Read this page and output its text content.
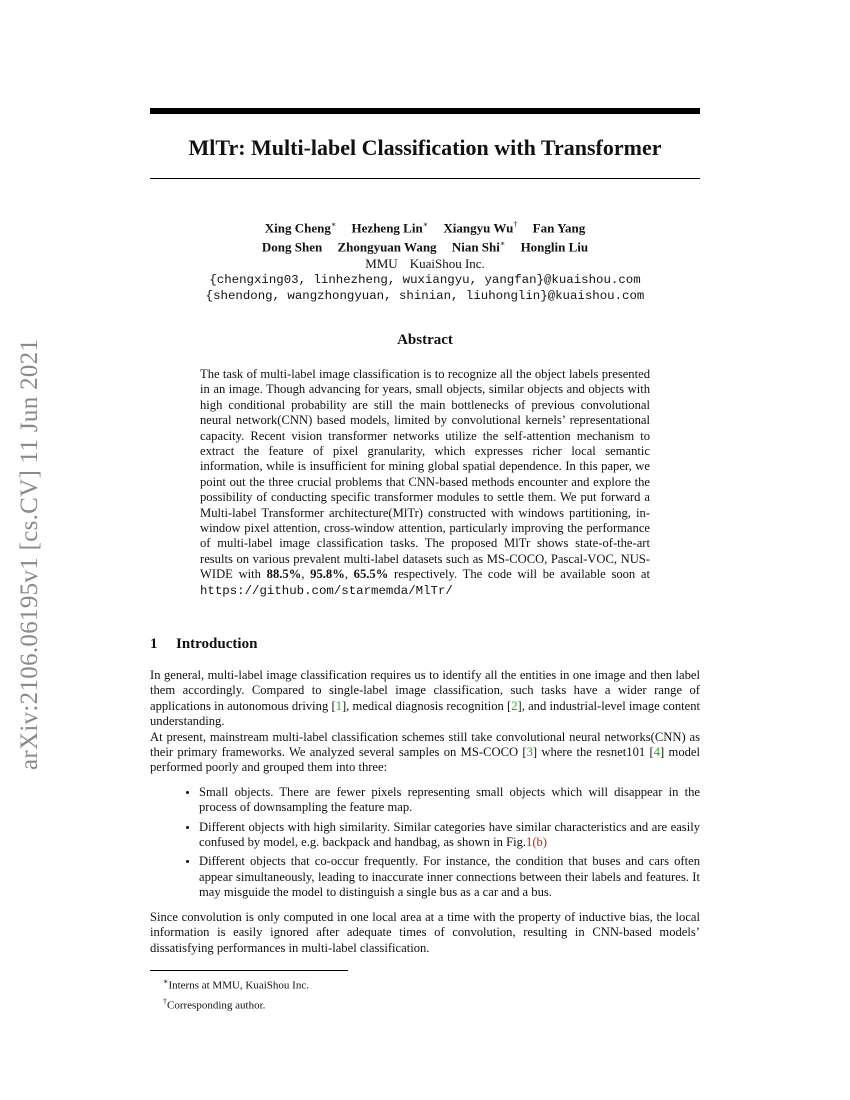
arXiv:2106.06195v1 [cs.CV] 11 Jun 2021
MlTr: Multi-label Classification with Transformer
Xing Cheng∗ Hezheng Lin∗ Xiangyu Wu† Fan Yang
Dong Shen Zhongyuan Wang Nian Shi∗ Honglin Liu
MMU KuaiShou Inc.
{chengxing03, linhezheng, wuxiangyu, yangfan}@kuaishou.com
{shendong, wangzhongyuan, shinian, liuhonglin}@kuaishou.com
Abstract
The task of multi-label image classification is to recognize all the object labels presented in an image. Though advancing for years, small objects, similar objects and objects with high conditional probability are still the main bottlenecks of previous convolutional neural network(CNN) based models, limited by convolutional kernels’ representational capacity. Recent vision transformer networks utilize the self-attention mechanism to extract the feature of pixel granularity, which expresses richer local semantic information, while is insufficient for mining global spatial dependence. In this paper, we point out the three crucial problems that CNN-based methods encounter and explore the possibility of conducting specific transformer modules to settle them. We put forward a Multi-label Transformer architecture(MlTr) constructed with windows partitioning, in-window pixel attention, cross-window attention, particularly improving the performance of multi-label image classification tasks. The proposed MlTr shows state-of-the-art results on various prevalent multi-label datasets such as MS-COCO, Pascal-VOC, NUS-WIDE with 88.5%, 95.8%, 65.5% respectively. The code will be available soon at https://github.com/starmemda/MlTr/
1 Introduction

In general, multi-label image classification requires us to identify all the entities in one image and then label them accordingly. Compared to single-label image classification, such tasks have a wider range of applications in autonomous driving [1], medical diagnosis recognition [2], and industrial-level image content understanding.

At present, mainstream multi-label classification schemes still take convolutional neural networks(CNN) as their primary frameworks. We analyzed several samples on MS-COCO [3] where the resnet101 [4] model performed poorly and grouped them into three:

• Small objects. There are fewer pixels representing small objects which will disappear in the process of downsampling the feature map.
• Different objects with high similarity. Similar categories have similar characteristics and are easily confused by model, e.g. backpack and handbag, as shown in Fig.1(b)
• Different objects that co-occur frequently. For instance, the condition that buses and cars often appear simultaneously, leading to inaccurate inner connections between their labels and features. It may misguide the model to distinguish a single bus as a car and a bus.

Since convolution is only computed in one local area at a time with the property of inductive bias, the local information is easily ignored after adequate times of convolution, resulting in CNN-based models’ dissatisfying performances in multi-label classification.

∗Interns at MMU, KuaiShou Inc.
†Corresponding author.
